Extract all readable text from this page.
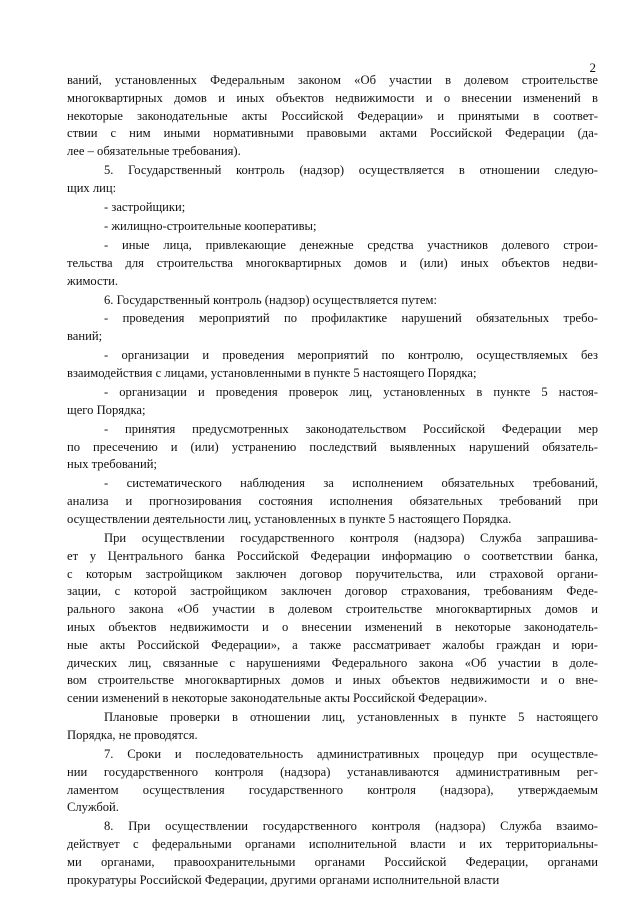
2
ваний, установленных Федеральным законом «Об участии в долевом строительстве
многоквартирных домов и иных объектов недвижимости и о внесении изменений в
некоторые законодательные акты Российской Федерации» и принятыми в соответ-
ствии с ним иными нормативными правовыми актами Российской Федерации (да-
лее – обязательные требования).
5. Государственный контроль (надзор) осуществляется в отношении следую-
щих лиц:
- застройщики;
- жилищно-строительные кооперативы;
- иные лица, привлекающие денежные средства участников долевого строи-
тельства для строительства многоквартирных домов и (или) иных объектов недви-
жимости.
6. Государственный контроль (надзор) осуществляется путем:
- проведения мероприятий по профилактике нарушений обязательных требо-
ваний;
- организации и проведения мероприятий по контролю, осуществляемых без
взаимодействия с лицами, установленными в пункте 5 настоящего Порядка;
- организации и проведения проверок лиц, установленных в пункте 5 настоя-
щего Порядка;
- принятия предусмотренных законодательством Российской Федерации мер
по пресечению и (или) устранению последствий выявленных нарушений обязатель-
ных требований;
- систематического наблюдения за исполнением обязательных требований,
анализа и прогнозирования состояния исполнения обязательных требований при
осуществлении деятельности лиц, установленных в пункте 5 настоящего Порядка.
При осуществлении государственного контроля (надзора) Служба запрашива-
ет у Центрального банка Российской Федерации информацию о соответствии банка,
с которым застройщиком заключен договор поручительства, или страховой органи-
зации, с которой застройщиком заключен договор страхования, требованиям Феде-
рального закона «Об участии в долевом строительстве многоквартирных домов и
иных объектов недвижимости и о внесении изменений в некоторые законодатель-
ные акты Российской Федерации», а также рассматривает жалобы граждан и юри-
дических лиц, связанные с нарушениями Федерального закона «Об участии в доле-
вом строительстве многоквартирных домов и иных объектов недвижимости и о вне-
сении изменений в некоторые законодательные акты Российской Федерации».
Плановые проверки в отношении лиц, установленных в пункте 5 настоящего
Порядка, не проводятся.
7. Сроки и последовательность административных процедур при осуществле-
нии государственного контроля (надзора) устанавливаются административным рег-
ламентом осуществления государственного контроля (надзора), утверждаемым
Службой.
8. При осуществлении государственного контроля (надзора) Служба взаимо-
действует с федеральными органами исполнительной власти и их территориальны-
ми органами, правоохранительными органами Российской Федерации, органами
прокуратуры Российской Федерации, другими органами исполнительной власти
